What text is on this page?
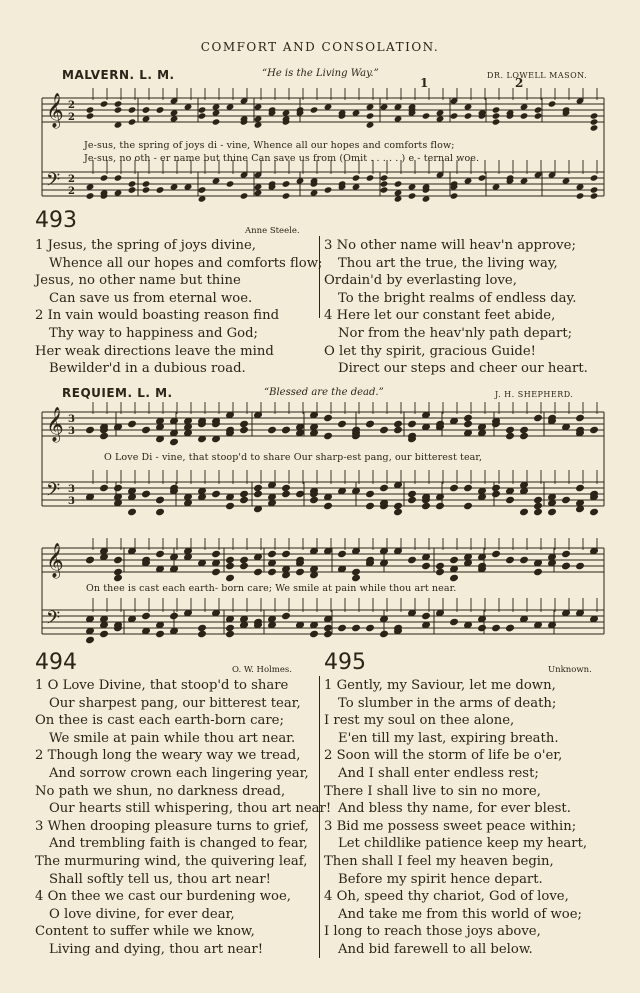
COMFORT AND CONSOLATION.
MALVERN. L. M.	“He is the Living Way.”	DR. LOWELL MASON.
1	2
𝄞 2
2
𝄢 2
2
Je-sus, the spring of joys di - vine, Whence all our hopes and comforts flow;
Je-sus, no oth - er name but thine Can save us from (Omit . . . . . ) e - ternal woe.
493	Anne Steele.
1 Jesus, the spring of joys divine,
Whence all our hopes and comforts flow;
Jesus, no other name but thine
Can save us from eternal woe.
2 In vain would boasting reason find
Thy way to happiness and God;
Her weak directions leave the mind
Bewilder'd in a dubious road.
3 No other name will heav'n approve;
Thou art the true, the living way,
Ordain'd by everlasting love,
To the bright realms of endless day.
4 Here let our constant feet abide,
Nor from the heav'nly path depart;
O let thy spirit, gracious Guide!
Direct our steps and cheer our heart.
REQUIEM. L. M.	“Blessed are the dead.”	J. H. SHEPHERD.
𝄞 3
3
𝄢 3
3
O Love Di - vine, that stoop'd to share Our sharp-est pang, our bitterest tear,
𝄞
𝄢
On thee is cast each earth- born care; We smile at pain while thou art near.
494	O. W. Holmes. 495	Unknown.
1 O Love Divine, that stoop'd to share
Our sharpest pang, our bitterest tear,
On thee is cast each earth-born care;
We smile at pain while thou art near.
2 Though long the weary way we tread,
And sorrow crown each lingering year,
No path we shun, no darkness dread,
Our hearts still whispering, thou art near!
3 When drooping pleasure turns to grief,
And trembling faith is changed to fear,
The murmuring wind, the quivering leaf,
Shall softly tell us, thou art near!
4 On thee we cast our burdening woe,
O love divine, for ever dear,
Content to suffer while we know,
Living and dying, thou art near!
1 Gently, my Saviour, let me down,
To slumber in the arms of death;
I rest my soul on thee alone,
E'en till my last, expiring breath.
2 Soon will the storm of life be o'er,
And I shall enter endless rest;
There I shall live to sin no more,
And bless thy name, for ever blest.
3 Bid me possess sweet peace within;
Let childlike patience keep my heart,
Then shall I feel my heaven begin,
Before my spirit hence depart.
4 Oh, speed thy chariot, God of love,
And take me from this world of woe;
I long to reach those joys above,
And bid farewell to all below.
